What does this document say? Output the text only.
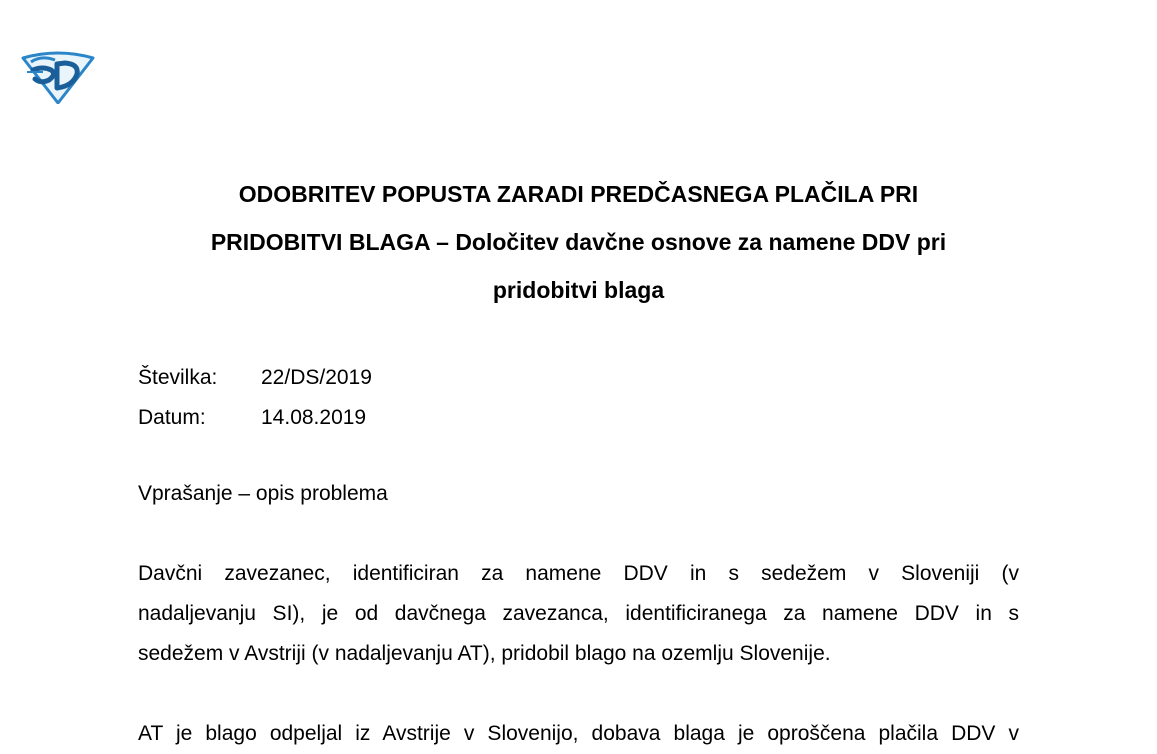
ODOBRITEV POPUSTA ZARADI PREDČASNEGA PLAČILA PRI
PRIDOBITVI BLAGA – Določitev davčne osnove za namene DDV pri
pridobitvi blaga
Številka:	22/DS/2019
Datum:	14.08.2019
Vprašanje – opis problema
Davčni zavezanec, identificiran za namene DDV in s sedežem v Sloveniji (v
nadaljevanju SI), je od davčnega zavezanca, identificiranega za namene DDV in s
sedežem v Avstriji (v nadaljevanju AT), pridobil blago na ozemlju Slovenije.
AT je blago odpeljal iz Avstrije v Slovenijo, dobava blaga je oproščena plačila DDV v
